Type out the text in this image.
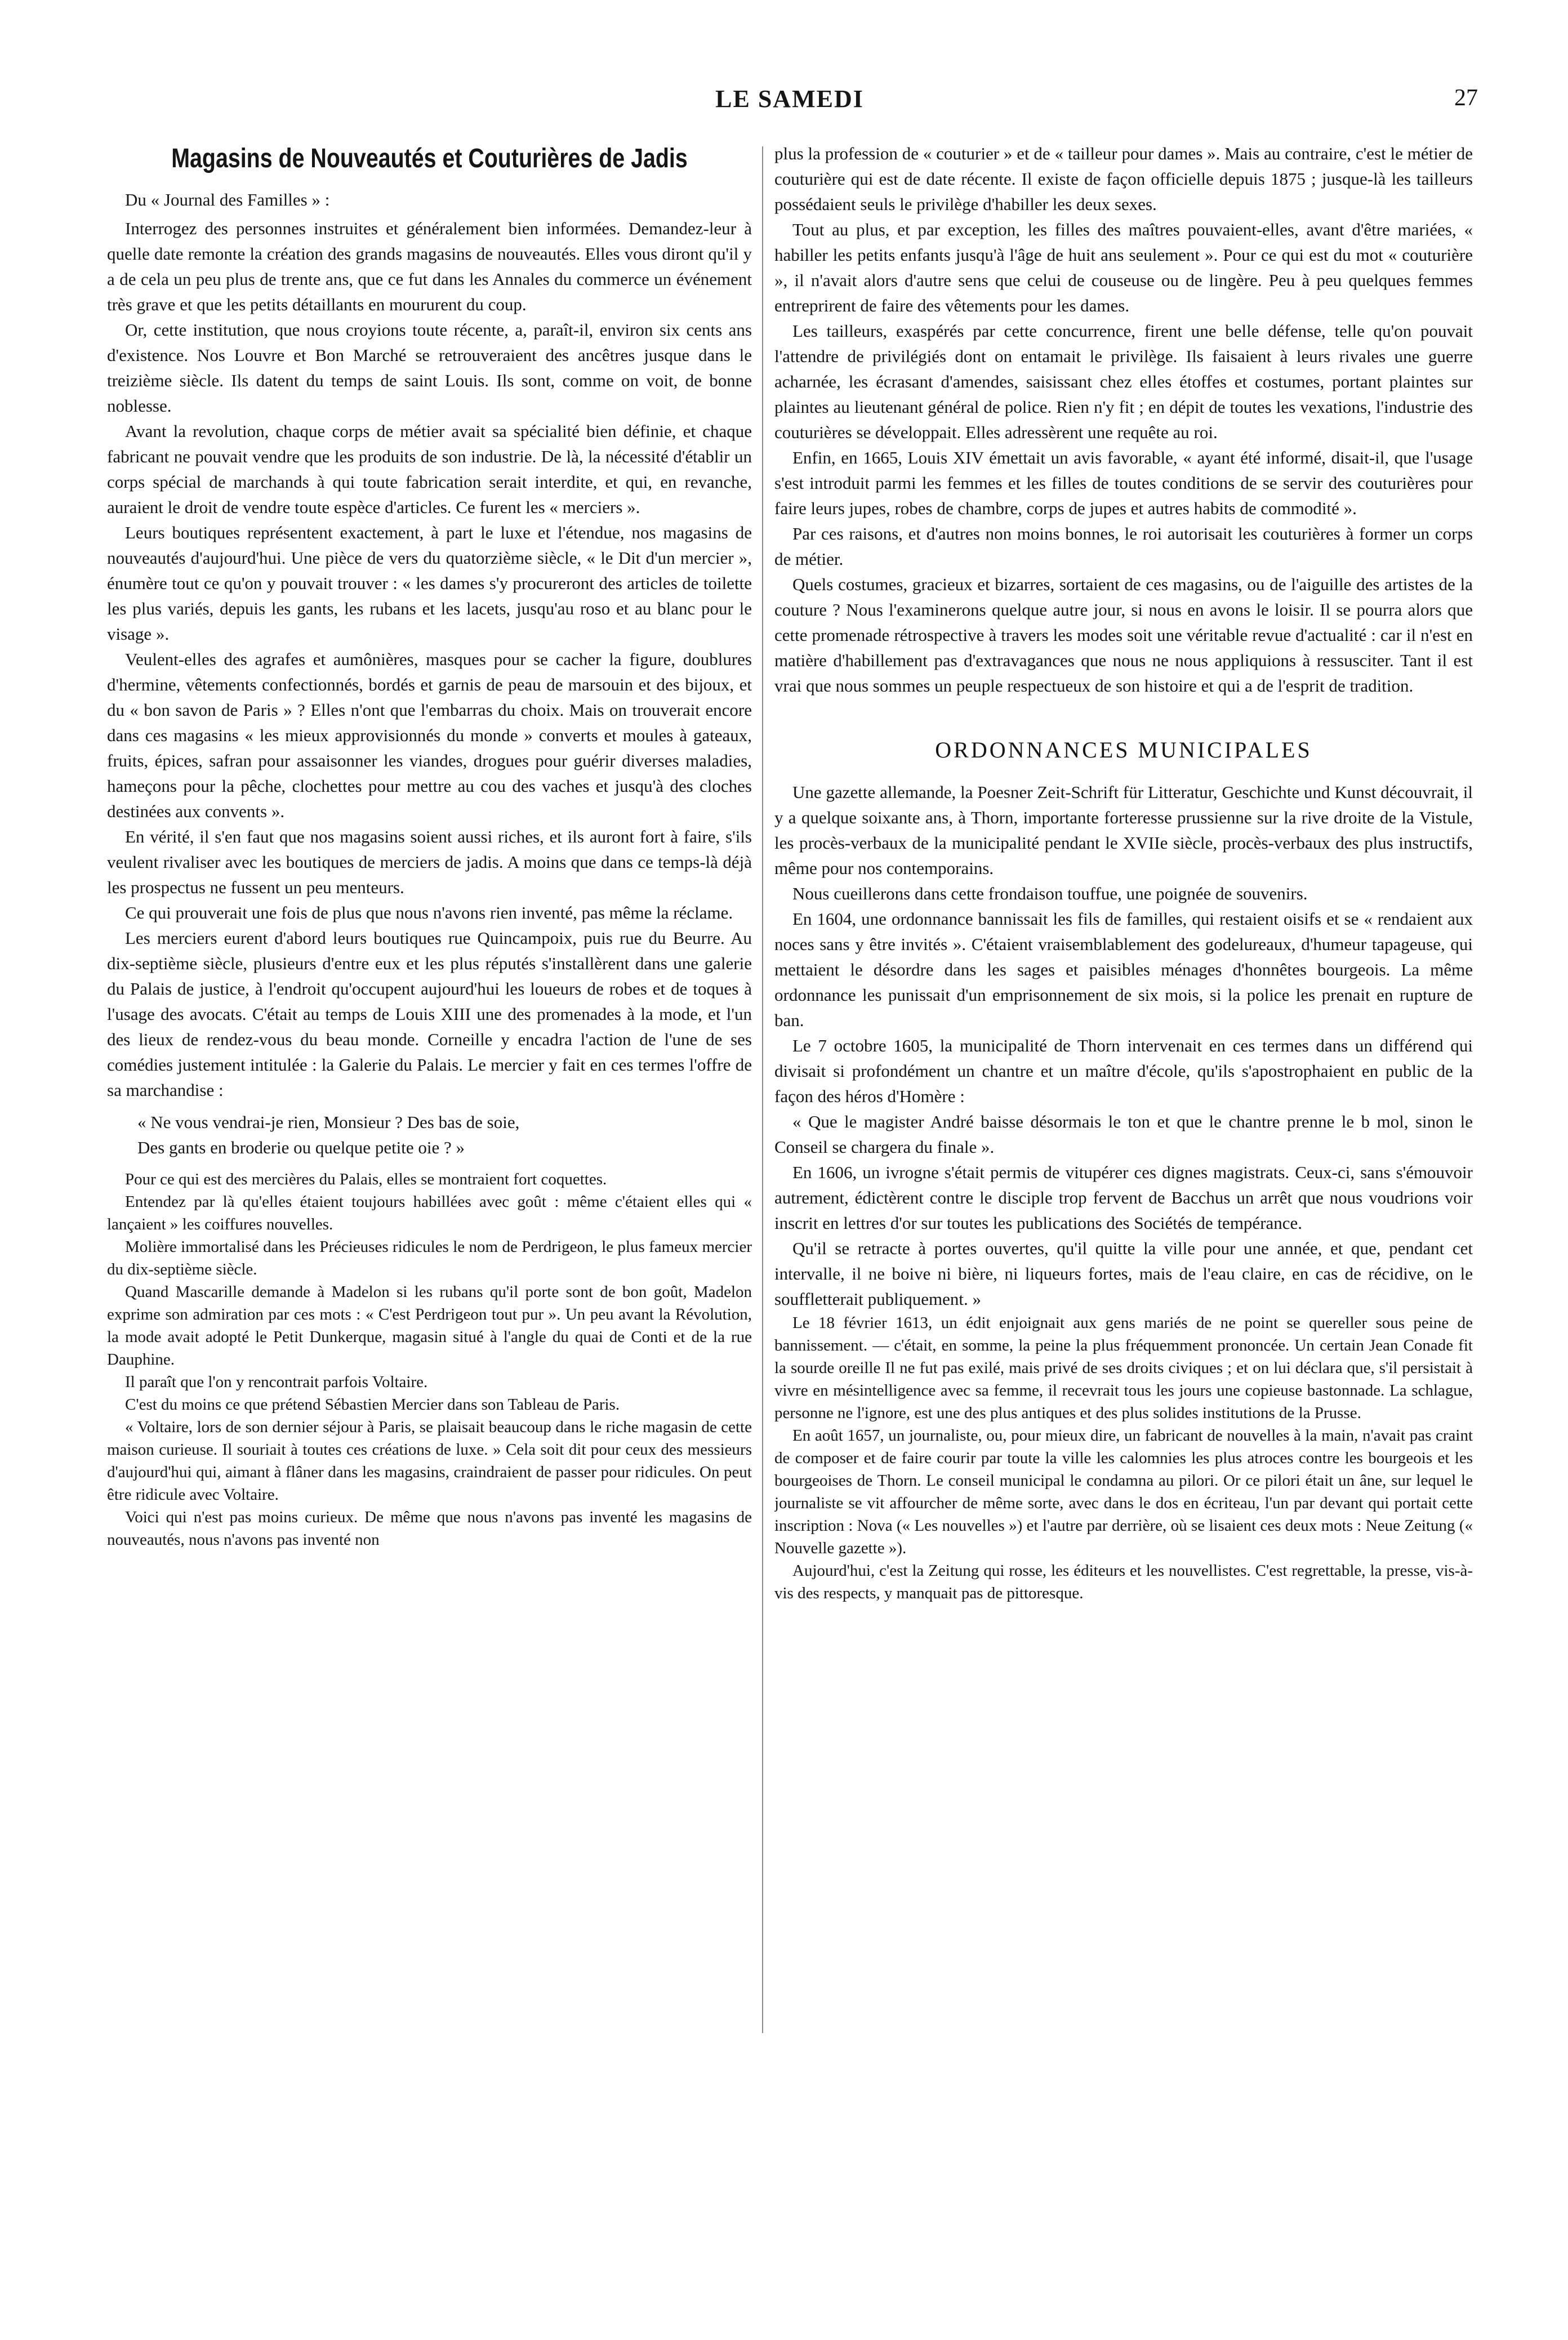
LE SAMEDI	27
Magasins de Nouveautés et Couturières de Jadis

Du « Journal des Familles » :

Interrogez des personnes instruites et généralement bien informées. Demandez-leur à quelle date remonte la création des grands magasins de nouveautés. Elles vous diront qu'il y a de cela un peu plus de trente ans, que ce fut dans les Annales du commerce un événement très grave et que les petits détaillants en moururent du coup.

Or, cette institution, que nous croyions toute récente, a, paraît-il, environ six cents ans d'existence. Nos Louvre et Bon Marché se retrouveraient des ancêtres jusque dans le treizième siècle. Ils datent du temps de saint Louis. Ils sont, comme on voit, de bonne noblesse.

Avant la revolution, chaque corps de métier avait sa spécialité bien définie, et chaque fabricant ne pouvait vendre que les produits de son industrie. De là, la nécessité d'établir un corps spécial de marchands à qui toute fabrication serait interdite, et qui, en revanche, auraient le droit de vendre toute espèce d'articles. Ce furent les « merciers ».

Leurs boutiques représentent exactement, à part le luxe et l'étendue, nos magasins de nouveautés d'aujourd'hui. Une pièce de vers du quatorzième siècle, « le Dit d'un mercier », énumère tout ce qu'on y pouvait trouver : « les dames s'y procureront des articles de toilette les plus variés, depuis les gants, les rubans et les lacets, jusqu'au roso et au blanc pour le visage ».

Veulent-elles des agrafes et aumônières, masques pour se cacher la figure, doublures d'hermine, vêtements confectionnés, bordés et garnis de peau de marsouin et des bijoux, et du « bon savon de Paris » ? Elles n'ont que l'embarras du choix. Mais on trouverait encore dans ces magasins « les mieux approvisionnés du monde » converts et moules à gateaux, fruits, épices, safran pour assaisonner les viandes, drogues pour guérir diverses maladies, hameçons pour la pêche, clochettes pour mettre au cou des vaches et jusqu'à des cloches destinées aux convents ».

En vérité, il s'en faut que nos magasins soient aussi riches, et ils auront fort à faire, s'ils veulent rivaliser avec les boutiques de merciers de jadis. A moins que dans ce temps-là déjà les prospectus ne fussent un peu menteurs.

Ce qui prouverait une fois de plus que nous n'avons rien inventé, pas même la réclame.

Les merciers eurent d'abord leurs boutiques rue Quincampoix, puis rue du Beurre. Au dix-septième siècle, plusieurs d'entre eux et les plus réputés s'installèrent dans une galerie du Palais de justice, à l'endroit qu'occupent aujourd'hui les loueurs de robes et de toques à l'usage des avocats. C'était au temps de Louis XIII une des promenades à la mode, et l'un des lieux de rendez-vous du beau monde. Corneille y encadra l'action de l'une de ses comédies justement intitulée : la Galerie du Palais. Le mercier y fait en ces termes l'offre de sa marchandise :

« Ne vous vendrai-je rien, Monsieur ? Des bas de soie,
Des gants en broderie ou quelque petite oie ? »

Pour ce qui est des mercières du Palais, elles se montraient fort coquettes.

Entendez par là qu'elles étaient toujours habillées avec goût : même c'étaient elles qui « lançaient » les coiffures nouvelles.

Molière immortalisé dans les Précieuses ridicules le nom de Perdrigeon, le plus fameux mercier du dix-septième siècle.

Quand Mascarille demande à Madelon si les rubans qu'il porte sont de bon goût, Madelon exprime son admiration par ces mots : « C'est Perdrigeon tout pur ». Un peu avant la Révolution, la mode avait adopté le Petit Dunkerque, magasin situé à l'angle du quai de Conti et de la rue Dauphine.

Il paraît que l'on y rencontrait parfois Voltaire.

C'est du moins ce que prétend Sébastien Mercier dans son Tableau de Paris.

« Voltaire, lors de son dernier séjour à Paris, se plaisait beaucoup dans le riche magasin de cette maison curieuse. Il souriait à toutes ces créations de luxe. » Cela soit dit pour ceux des messieurs d'aujourd'hui qui, aimant à flâner dans les magasins, craindraient de passer pour ridicules. On peut être ridicule avec Voltaire.

Voici qui n'est pas moins curieux. De même que nous n'avons pas inventé les magasins de nouveautés, nous n'avons pas inventé non

plus la profession de « couturier » et de « tailleur pour dames ». Mais au contraire, c'est le métier de couturière qui est de date récente. Il existe de façon officielle depuis 1875 ; jusque-là les tailleurs possédaient seuls le privilège d'habiller les deux sexes.

Tout au plus, et par exception, les filles des maîtres pouvaient-elles, avant d'être mariées, « habiller les petits enfants jusqu'à l'âge de huit ans seulement ». Pour ce qui est du mot « couturière », il n'avait alors d'autre sens que celui de couseuse ou de lingère. Peu à peu quelques femmes entreprirent de faire des vêtements pour les dames.

Les tailleurs, exaspérés par cette concurrence, firent une belle défense, telle qu'on pouvait l'attendre de privilégiés dont on entamait le privilège. Ils faisaient à leurs rivales une guerre acharnée, les écrasant d'amendes, saisissant chez elles étoffes et costumes, portant plaintes sur plaintes au lieutenant général de police. Rien n'y fit ; en dépit de toutes les vexations, l'industrie des couturières se développait. Elles adressèrent une requête au roi.

Enfin, en 1665, Louis XIV émettait un avis favorable, « ayant été informé, disait-il, que l'usage s'est introduit parmi les femmes et les filles de toutes conditions de se servir des couturières pour faire leurs jupes, robes de chambre, corps de jupes et autres habits de commodité ».

Par ces raisons, et d'autres non moins bonnes, le roi autorisait les couturières à former un corps de métier.

Quels costumes, gracieux et bizarres, sortaient de ces magasins, ou de l'aiguille des artistes de la couture ? Nous l'examinerons quelque autre jour, si nous en avons le loisir. Il se pourra alors que cette promenade rétrospective à travers les modes soit une véritable revue d'actualité : car il n'est en matière d'habillement pas d'extravagances que nous ne nous appliquions à ressusciter. Tant il est vrai que nous sommes un peuple respectueux de son histoire et qui a de l'esprit de tradition.

ORDONNANCES MUNICIPALES

Une gazette allemande, la Poesner Zeit-Schrift für Litteratur, Geschichte und Kunst découvrait, il y a quelque soixante ans, à Thorn, importante forteresse prussienne sur la rive droite de la Vistule, les procès-verbaux de la municipalité pendant le XVIIe siècle, procès-verbaux des plus instructifs, même pour nos contemporains.

Nous cueillerons dans cette frondaison touffue, une poignée de souvenirs.

En 1604, une ordonnance bannissait les fils de familles, qui restaient oisifs et se « rendaient aux noces sans y être invités ». C'étaient vraisemblablement des godelureaux, d'humeur tapageuse, qui mettaient le désordre dans les sages et paisibles ménages d'honnêtes bourgeois. La même ordonnance les punissait d'un emprisonnement de six mois, si la police les prenait en rupture de ban.

Le 7 octobre 1605, la municipalité de Thorn intervenait en ces termes dans un différend qui divisait si profondément un chantre et un maître d'école, qu'ils s'apostrophaient en public de la façon des héros d'Homère :

« Que le magister André baisse désormais le ton et que le chantre prenne le b mol, sinon le Conseil se chargera du finale ».

En 1606, un ivrogne s'était permis de vitupérer ces dignes magistrats. Ceux-ci, sans s'émouvoir autrement, édictèrent contre le disciple trop fervent de Bacchus un arrêt que nous voudrions voir inscrit en lettres d'or sur toutes les publications des Sociétés de tempérance.

Qu'il se retracte à portes ouvertes, qu'il quitte la ville pour une année, et que, pendant cet intervalle, il ne boive ni bière, ni liqueurs fortes, mais de l'eau claire, en cas de récidive, on le souffletterait publiquement. »

Le 18 février 1613, un édit enjoignait aux gens mariés de ne point se quereller sous peine de bannissement. — c'était, en somme, la peine la plus fréquemment prononcée. Un certain Jean Conade fit la sourde oreille Il ne fut pas exilé, mais privé de ses droits civiques ; et on lui déclara que, s'il persistait à vivre en mésintelligence avec sa femme, il recevrait tous les jours une copieuse bastonnade. La schlague, personne ne l'ignore, est une des plus antiques et des plus solides institutions de la Prusse.

En août 1657, un journaliste, ou, pour mieux dire, un fabricant de nouvelles à la main, n'avait pas craint de composer et de faire courir par toute la ville les calomnies les plus atroces contre les bourgeois et les bourgeoises de Thorn. Le conseil municipal le condamna au pilori. Or ce pilori était un âne, sur lequel le journaliste se vit affourcher de même sorte, avec dans le dos en écriteau, l'un par devant qui portait cette inscription : Nova (« Les nouvelles ») et l'autre par derrière, où se lisaient ces deux mots : Neue Zeitung (« Nouvelle gazette »).

Aujourd'hui, c'est la Zeitung qui rosse, les éditeurs et les nouvellistes. C'est regrettable, la presse, vis-à-vis des respects, y manquait pas de pittoresque.
